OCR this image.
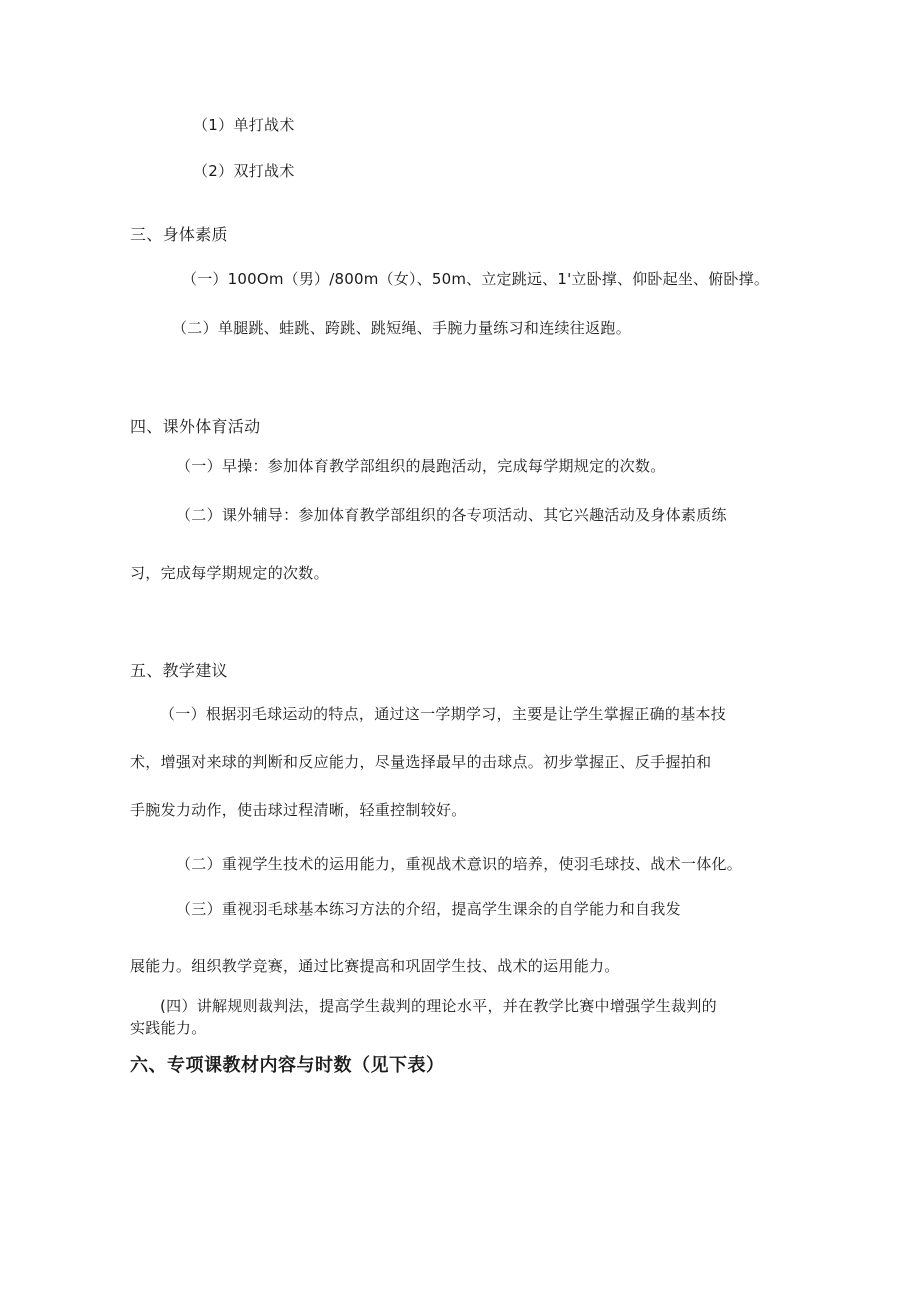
（1）单打战术

（2）双打战术

三、身体素质

（一）100Om（男）/800m（女）、50m、立定跳远、1'立卧撑、仰卧起坐、俯卧撑。

（二）单腿跳、蛙跳、跨跳、跳短绳、手腕力量练习和连续往返跑。

四、课外体育活动

（一）早操：参加体育教学部组织的晨跑活动，完成每学期规定的次数。

（二）课外辅导：参加体育教学部组织的各专项活动、其它兴趣活动及身体素质练

习，完成每学期规定的次数。

五、教学建议

（一）根据羽毛球运动的特点，通过这一学期学习，主要是让学生掌握正确的基本技

术，增强对来球的判断和反应能力，尽量选择最早的击球点。初步掌握正、反手握拍和

手腕发力动作，使击球过程清晰，轻重控制较好。

（二）重视学生技术的运用能力，重视战术意识的培养，使羽毛球技、战术一体化。

（三）重视羽毛球基本练习方法的介绍，提高学生课余的自学能力和自我发

展能力。组织教学竞赛，通过比赛提高和巩固学生技、战术的运用能力。

(四）讲解规则裁判法，提高学生裁判的理论水平，并在教学比赛中增强学生裁判的

实践能力。

六、专项课教材内容与时数（见下表）
